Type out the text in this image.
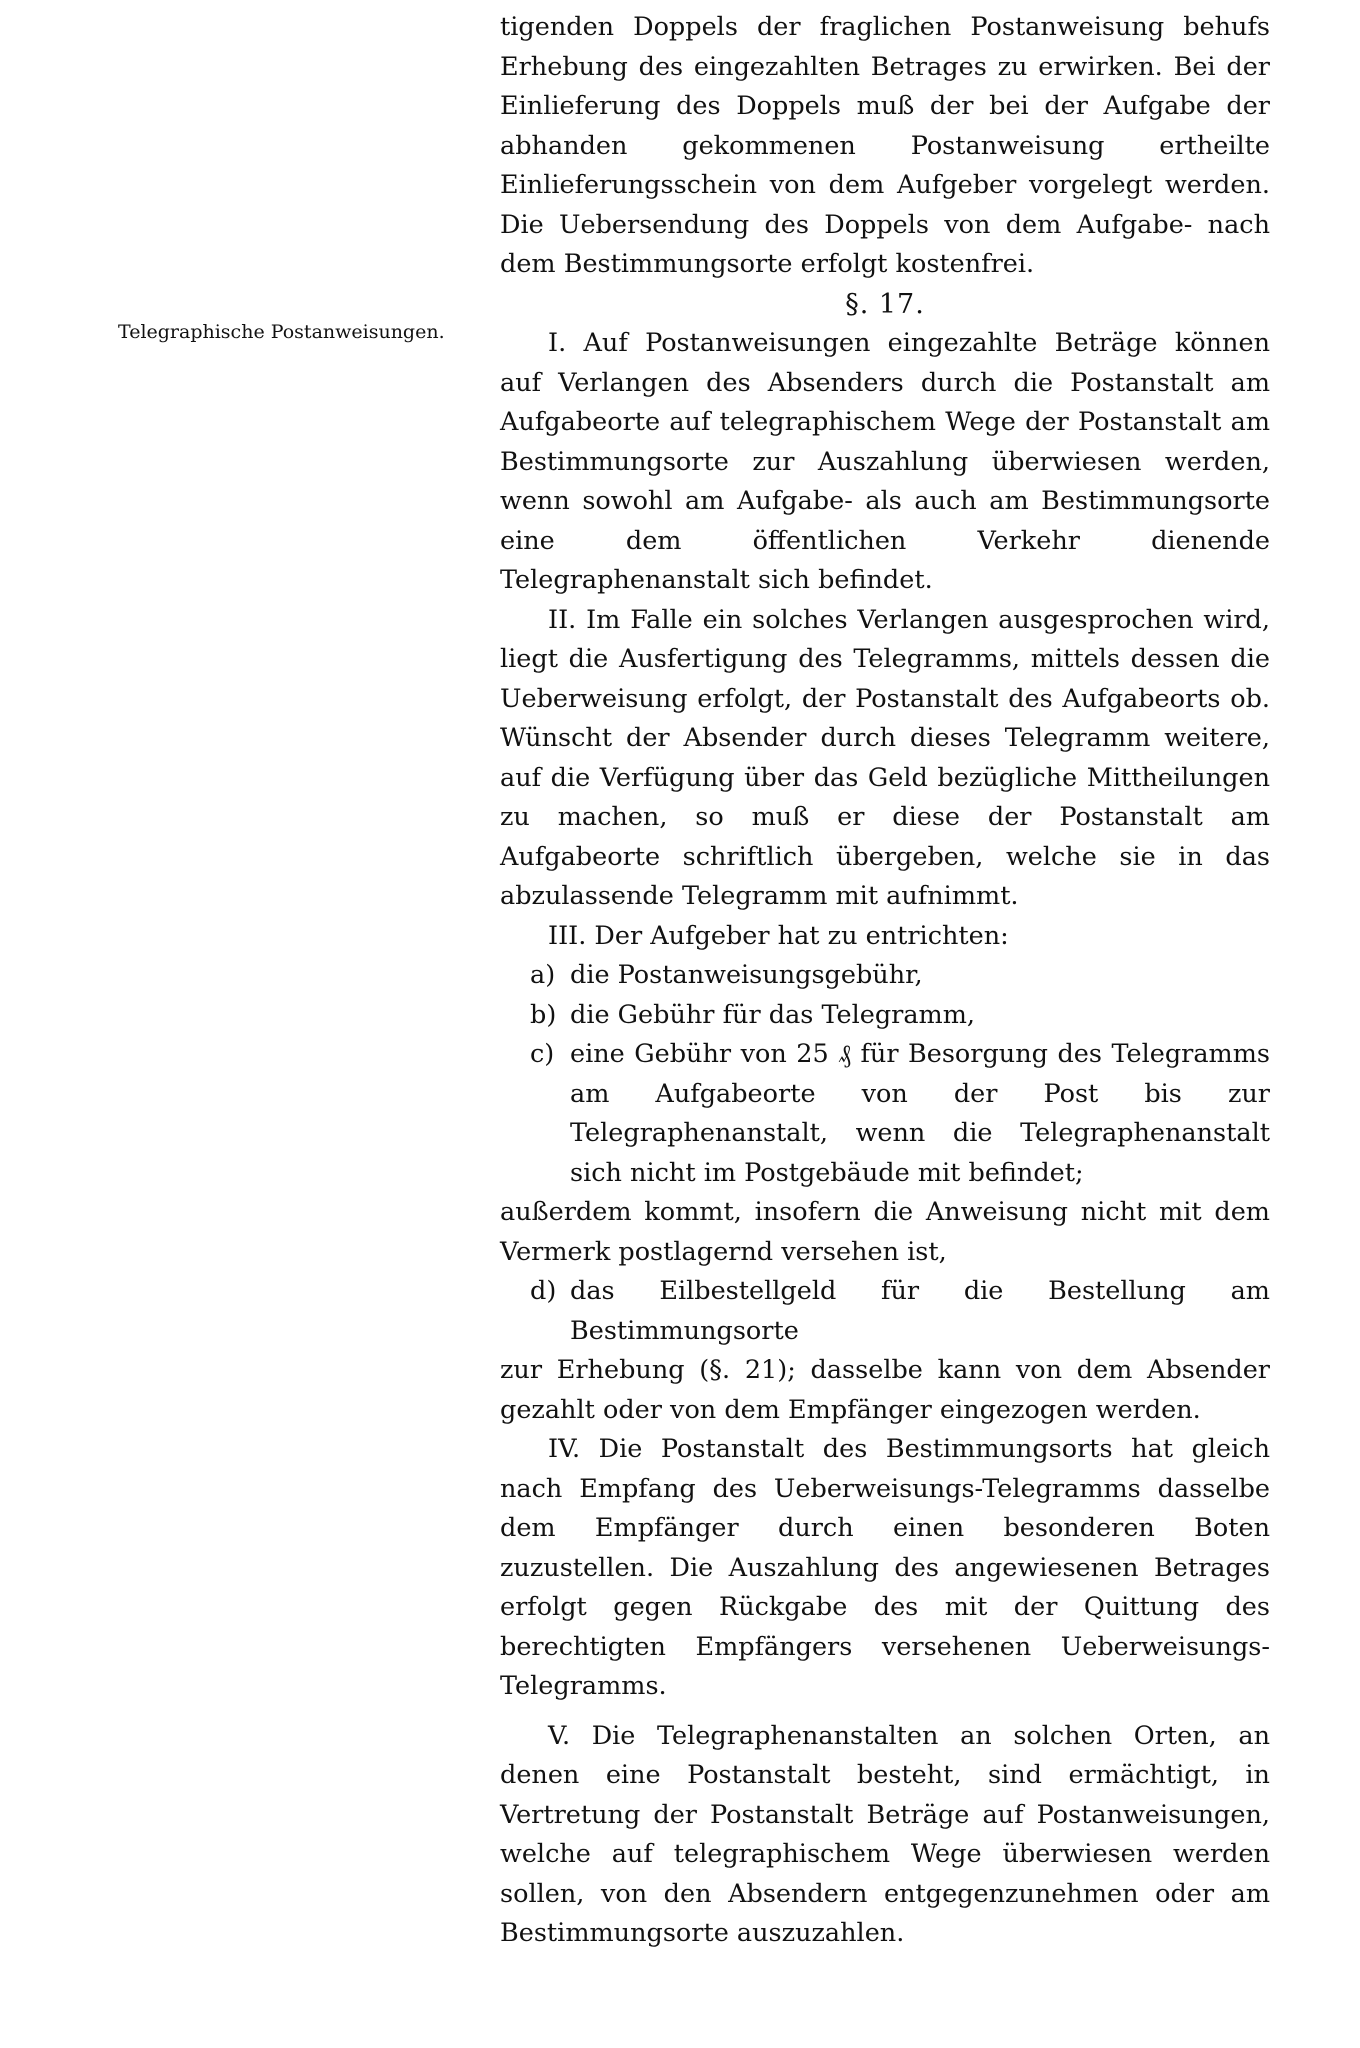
Telegraphische Postanweisungen.

tigenden Doppels der fraglichen Postanweisung behufs Erhebung des eingezahlten Betrages zu erwirken. Bei der Einlieferung des Doppels muß der bei der Aufgabe der abhanden gekommenen Postanweisung ertheilte Einlieferungsschein von dem Aufgeber vorgelegt werden. Die Uebersendung des Doppels von dem Aufgabe- nach dem Bestimmungsorte erfolgt kostenfrei.

§. 17.

I. Auf Postanweisungen eingezahlte Beträge können auf Verlangen des Absenders durch die Postanstalt am Aufgabeorte auf telegraphischem Wege der Postanstalt am Bestimmungsorte zur Auszahlung überwiesen werden, wenn sowohl am Aufgabe- als auch am Bestimmungsorte eine dem öffentlichen Verkehr dienende Telegraphenanstalt sich befindet.

II. Im Falle ein solches Verlangen ausgesprochen wird, liegt die Ausfertigung des Telegramms, mittels dessen die Ueberweisung erfolgt, der Postanstalt des Aufgabeorts ob. Wünscht der Absender durch dieses Telegramm weitere, auf die Verfügung über das Geld bezügliche Mittheilungen zu machen, so muß er diese der Postanstalt am Aufgabeorte schriftlich übergeben, welche sie in das abzulassende Telegramm mit aufnimmt.

III. Der Aufgeber hat zu entrichten:

a) die Postanweisungsgebühr,
b) die Gebühr für das Telegramm,
c) eine Gebühr von 25 ₰ für Besorgung des Telegramms am Aufgabeorte von der Post bis zur Telegraphenanstalt, wenn die Telegraphenanstalt sich nicht im Postgebäude mit befindet;

außerdem kommt, insofern die Anweisung nicht mit dem Vermerk postlagernd versehen ist,

d) das Eilbestellgeld für die Bestellung am Bestimmungsorte

zur Erhebung (§. 21); dasselbe kann von dem Absender gezahlt oder von dem Empfänger eingezogen werden.

IV. Die Postanstalt des Bestimmungsorts hat gleich nach Empfang des Ueberweisungs-Telegramms dasselbe dem Empfänger durch einen besonderen Boten zuzustellen. Die Auszahlung des angewiesenen Betrages erfolgt gegen Rückgabe des mit der Quittung des berechtigten Empfängers versehenen Ueberweisungs-Telegramms.

V. Die Telegraphenanstalten an solchen Orten, an denen eine Postanstalt besteht, sind ermächtigt, in Vertretung der Postanstalt Beträge auf Postanweisungen, welche auf telegraphischem Wege überwiesen werden sollen, von den Absendern entgegenzunehmen oder am Bestimmungsorte auszuzahlen.
